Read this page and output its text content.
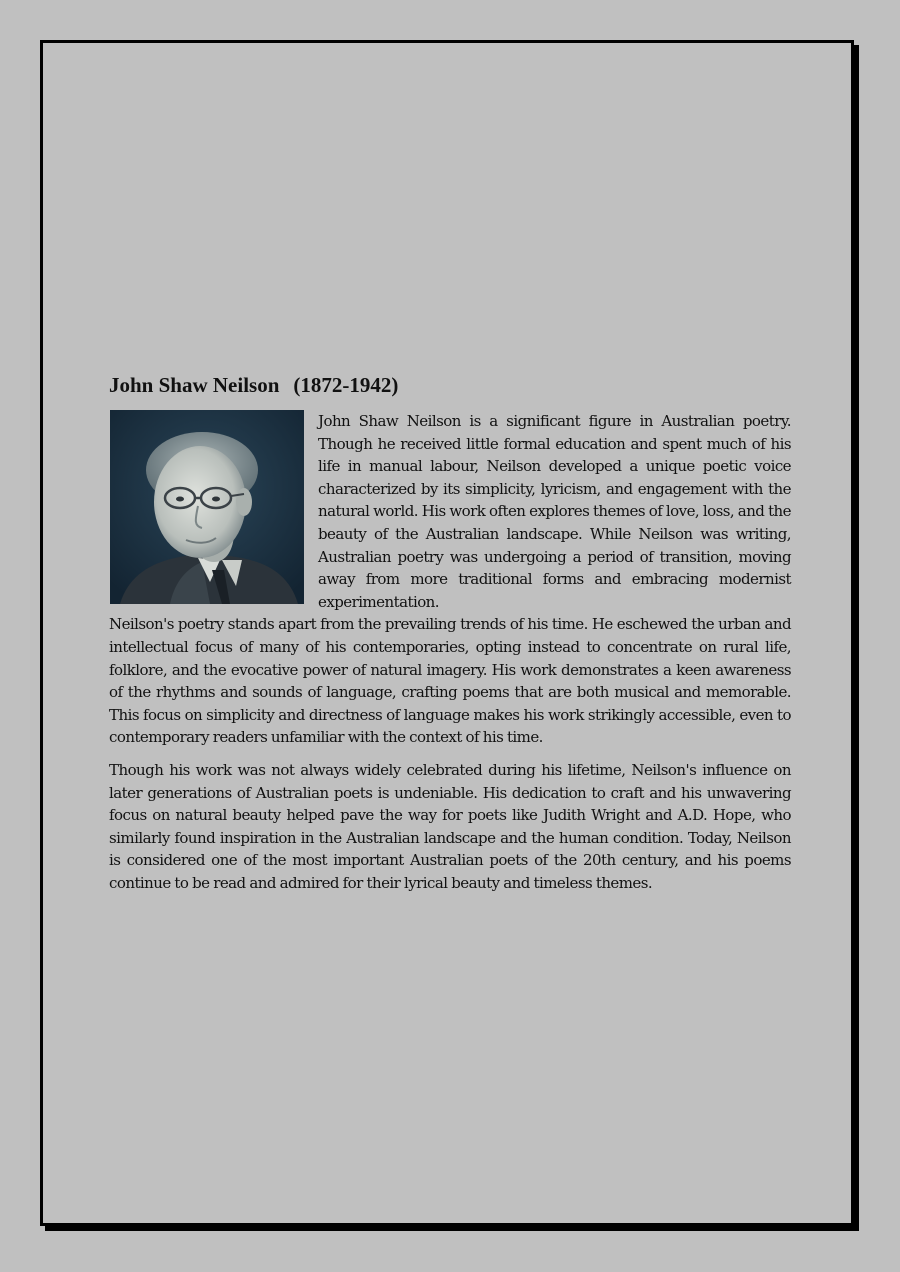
John Shaw Neilson (1872-1942)

John Shaw Neilson is a significant figure in Australian poetry. Though he received little formal education and spent much of his life in manual labour, Neilson developed a unique poetic voice characterized by its simplicity, lyricism, and engagement with the natural world. His work often explores themes of love, loss, and the beauty of the Australian landscape. While Neilson was writing, Australian poetry was undergoing a period of transition, moving away from more traditional forms and embracing modernist experimentation.

Neilson's poetry stands apart from the prevailing trends of his time. He eschewed the urban and intellectual focus of many of his contemporaries, opting instead to concentrate on rural life, folklore, and the evocative power of natural imagery. His work demonstrates a keen awareness of the rhythms and sounds of language, crafting poems that are both musical and memorable. This focus on simplicity and directness of language makes his work strikingly accessible, even to contemporary readers unfamiliar with the context of his time.

Though his work was not always widely celebrated during his lifetime, Neilson's influence on later generations of Australian poets is undeniable. His dedication to craft and his unwavering focus on natural beauty helped pave the way for poets like Judith Wright and A.D. Hope, who similarly found inspiration in the Australian landscape and the human condition. Today, Neilson is considered one of the most important Australian poets of the 20th century, and his poems continue to be read and admired for their lyrical beauty and timeless themes.
